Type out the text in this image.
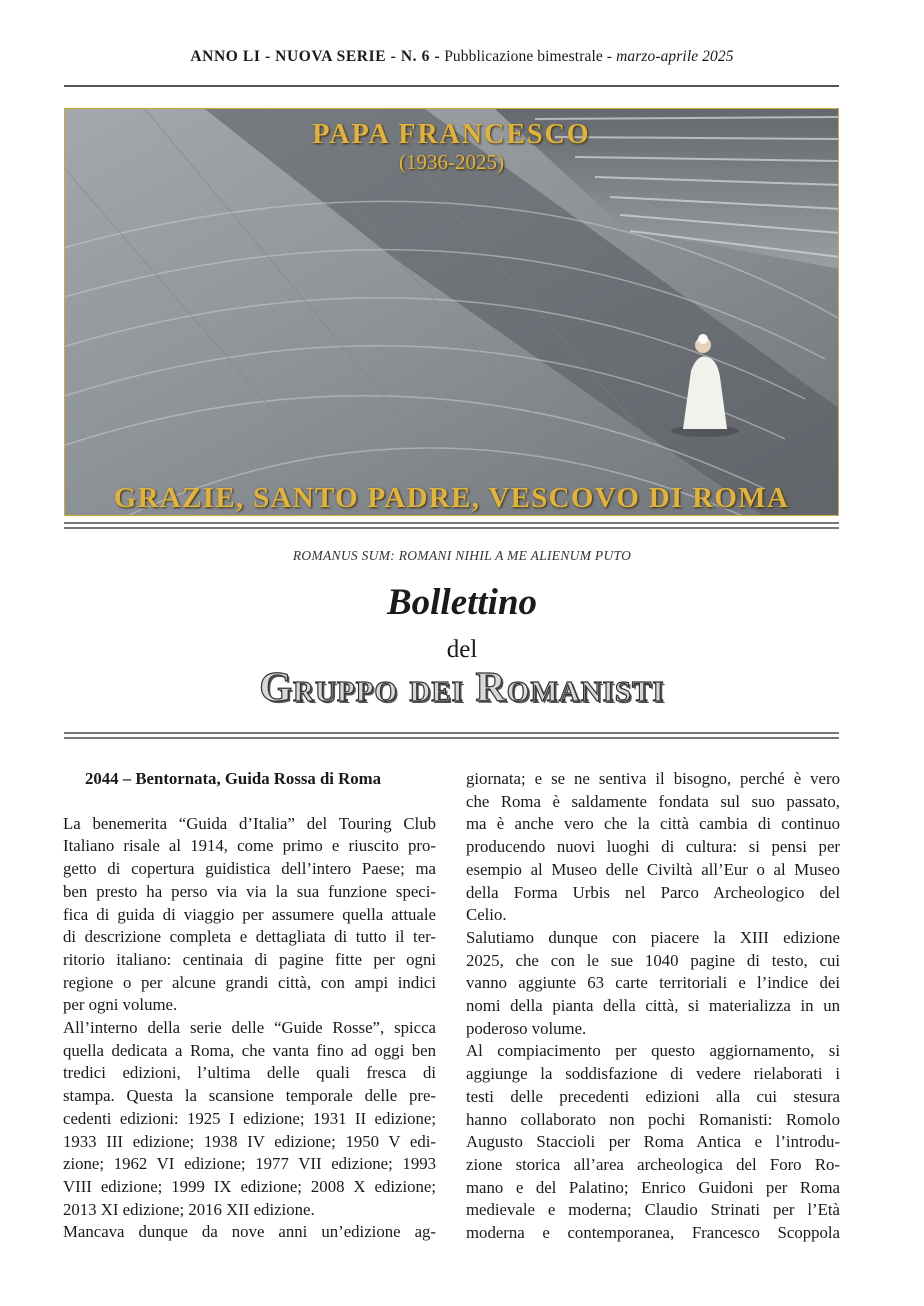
ANNO LI - NUOVA SERIE - N. 6 - Pubblicazione bimestrale - marzo-aprile 2025
PAPA FRANCESCO
(1936-2025)
GRAZIE, SANTO PADRE, VESCOVO DI ROMA
ROMANUS SUM: ROMANI NIHIL A ME ALIENUM PUTO
Bollettino
del
Gruppo dei Romanisti

2044 – Bentornata, Guida Rossa di Roma

La benemerita “Guida d’Italia” del Touring Club
Italiano risale al 1914, come primo e riuscito pro-
getto di copertura guidistica dell’intero Paese; ma
ben presto ha perso via via la sua funzione speci-
fica di guida di viaggio per assumere quella attuale
di descrizione completa e dettagliata di tutto il ter-
ritorio italiano: centinaia di pagine fitte per ogni
regione o per alcune grandi città, con ampi indici
per ogni volume.
All’interno della serie delle “Guide Rosse”, spicca
quella dedicata a Roma, che vanta fino ad oggi ben
tredici edizioni, l’ultima delle quali fresca di
stampa. Questa la scansione temporale delle pre-
cedenti edizioni: 1925 I edizione; 1931 II edizione;
1933 III edizione; 1938 IV edizione; 1950 V edi-
zione; 1962 VI edizione; 1977 VII edizione; 1993
VIII edizione; 1999 IX edizione; 2008 X edizione;
2013 XI edizione; 2016 XII edizione.
Mancava dunque da nove anni un’edizione ag-
giornata; e se ne sentiva il bisogno, perché è vero
che Roma è saldamente fondata sul suo passato,
ma è anche vero che la città cambia di continuo
producendo nuovi luoghi di cultura: si pensi per
esempio al Museo delle Civiltà all’Eur o al Museo
della Forma Urbis nel Parco Archeologico del
Celio.
Salutiamo dunque con piacere la XIII edizione
2025, che con le sue 1040 pagine di testo, cui
vanno aggiunte 63 carte territoriali e l’indice dei
nomi della pianta della città, si materializza in un
poderoso volume.
Al compiacimento per questo aggiornamento, si
aggiunge la soddisfazione di vedere rielaborati i
testi delle precedenti edizioni alla cui stesura
hanno collaborato non pochi Romanisti: Romolo
Augusto Staccioli per Roma Antica e l’introdu-
zione storica all’area archeologica del Foro Ro-
mano e del Palatino; Enrico Guidoni per Roma
medievale e moderna; Claudio Strinati per l’Età
moderna e contemporanea, Francesco Scoppola
